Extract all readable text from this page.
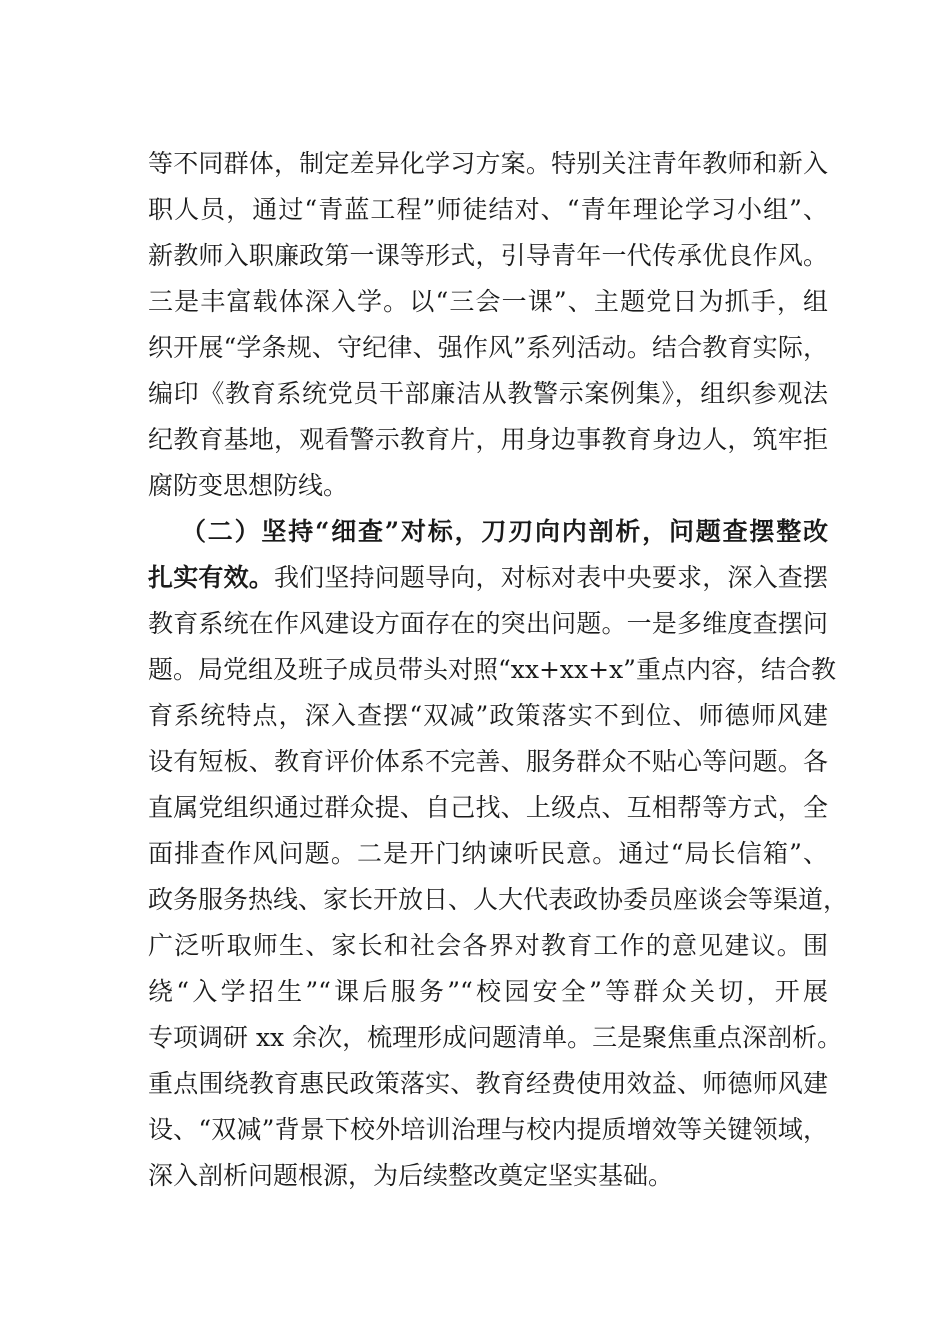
等不同群体，制定差异化学习方案。特别关注青年教师和新入
职人员，通过“青蓝工程”师徒结对、“青年理论学习小组”、
新教师入职廉政第一课等形式，引导青年一代传承优良作风。
三是丰富载体深入学。以“三会一课”、主题党日为抓手，组
织开展“学条规、守纪律、强作风”系列活动。结合教育实际，
编印《教育系统党员干部廉洁从教警示案例集》，组织参观法
纪教育基地，观看警示教育片，用身边事教育身边人，筑牢拒
腐防变思想防线。
（二）坚持“细查”对标，刀刃向内剖析，问题查摆整改
扎实有效。我们坚持问题导向，对标对表中央要求，深入查摆
教育系统在作风建设方面存在的突出问题。一是多维度查摆问
题。局党组及班子成员带头对照“xx+xx+x”重点内容，结合教
育系统特点，深入查摆“双减”政策落实不到位、师德师风建
设有短板、教育评价体系不完善、服务群众不贴心等问题。各
直属党组织通过群众提、自己找、上级点、互相帮等方式，全
面排查作风问题。二是开门纳谏听民意。通过“局长信箱”、
政务服务热线、家长开放日、人大代表政协委员座谈会等渠道，
广泛听取师生、家长和社会各界对教育工作的意见建议。围
绕“入学招生”“课后服务”“校园安全”等群众关切，开展
专项调研 xx 余次，梳理形成问题清单。三是聚焦重点深剖析。
重点围绕教育惠民政策落实、教育经费使用效益、师德师风建
设、“双减”背景下校外培训治理与校内提质增效等关键领域，
深入剖析问题根源，为后续整改奠定坚实基础。
